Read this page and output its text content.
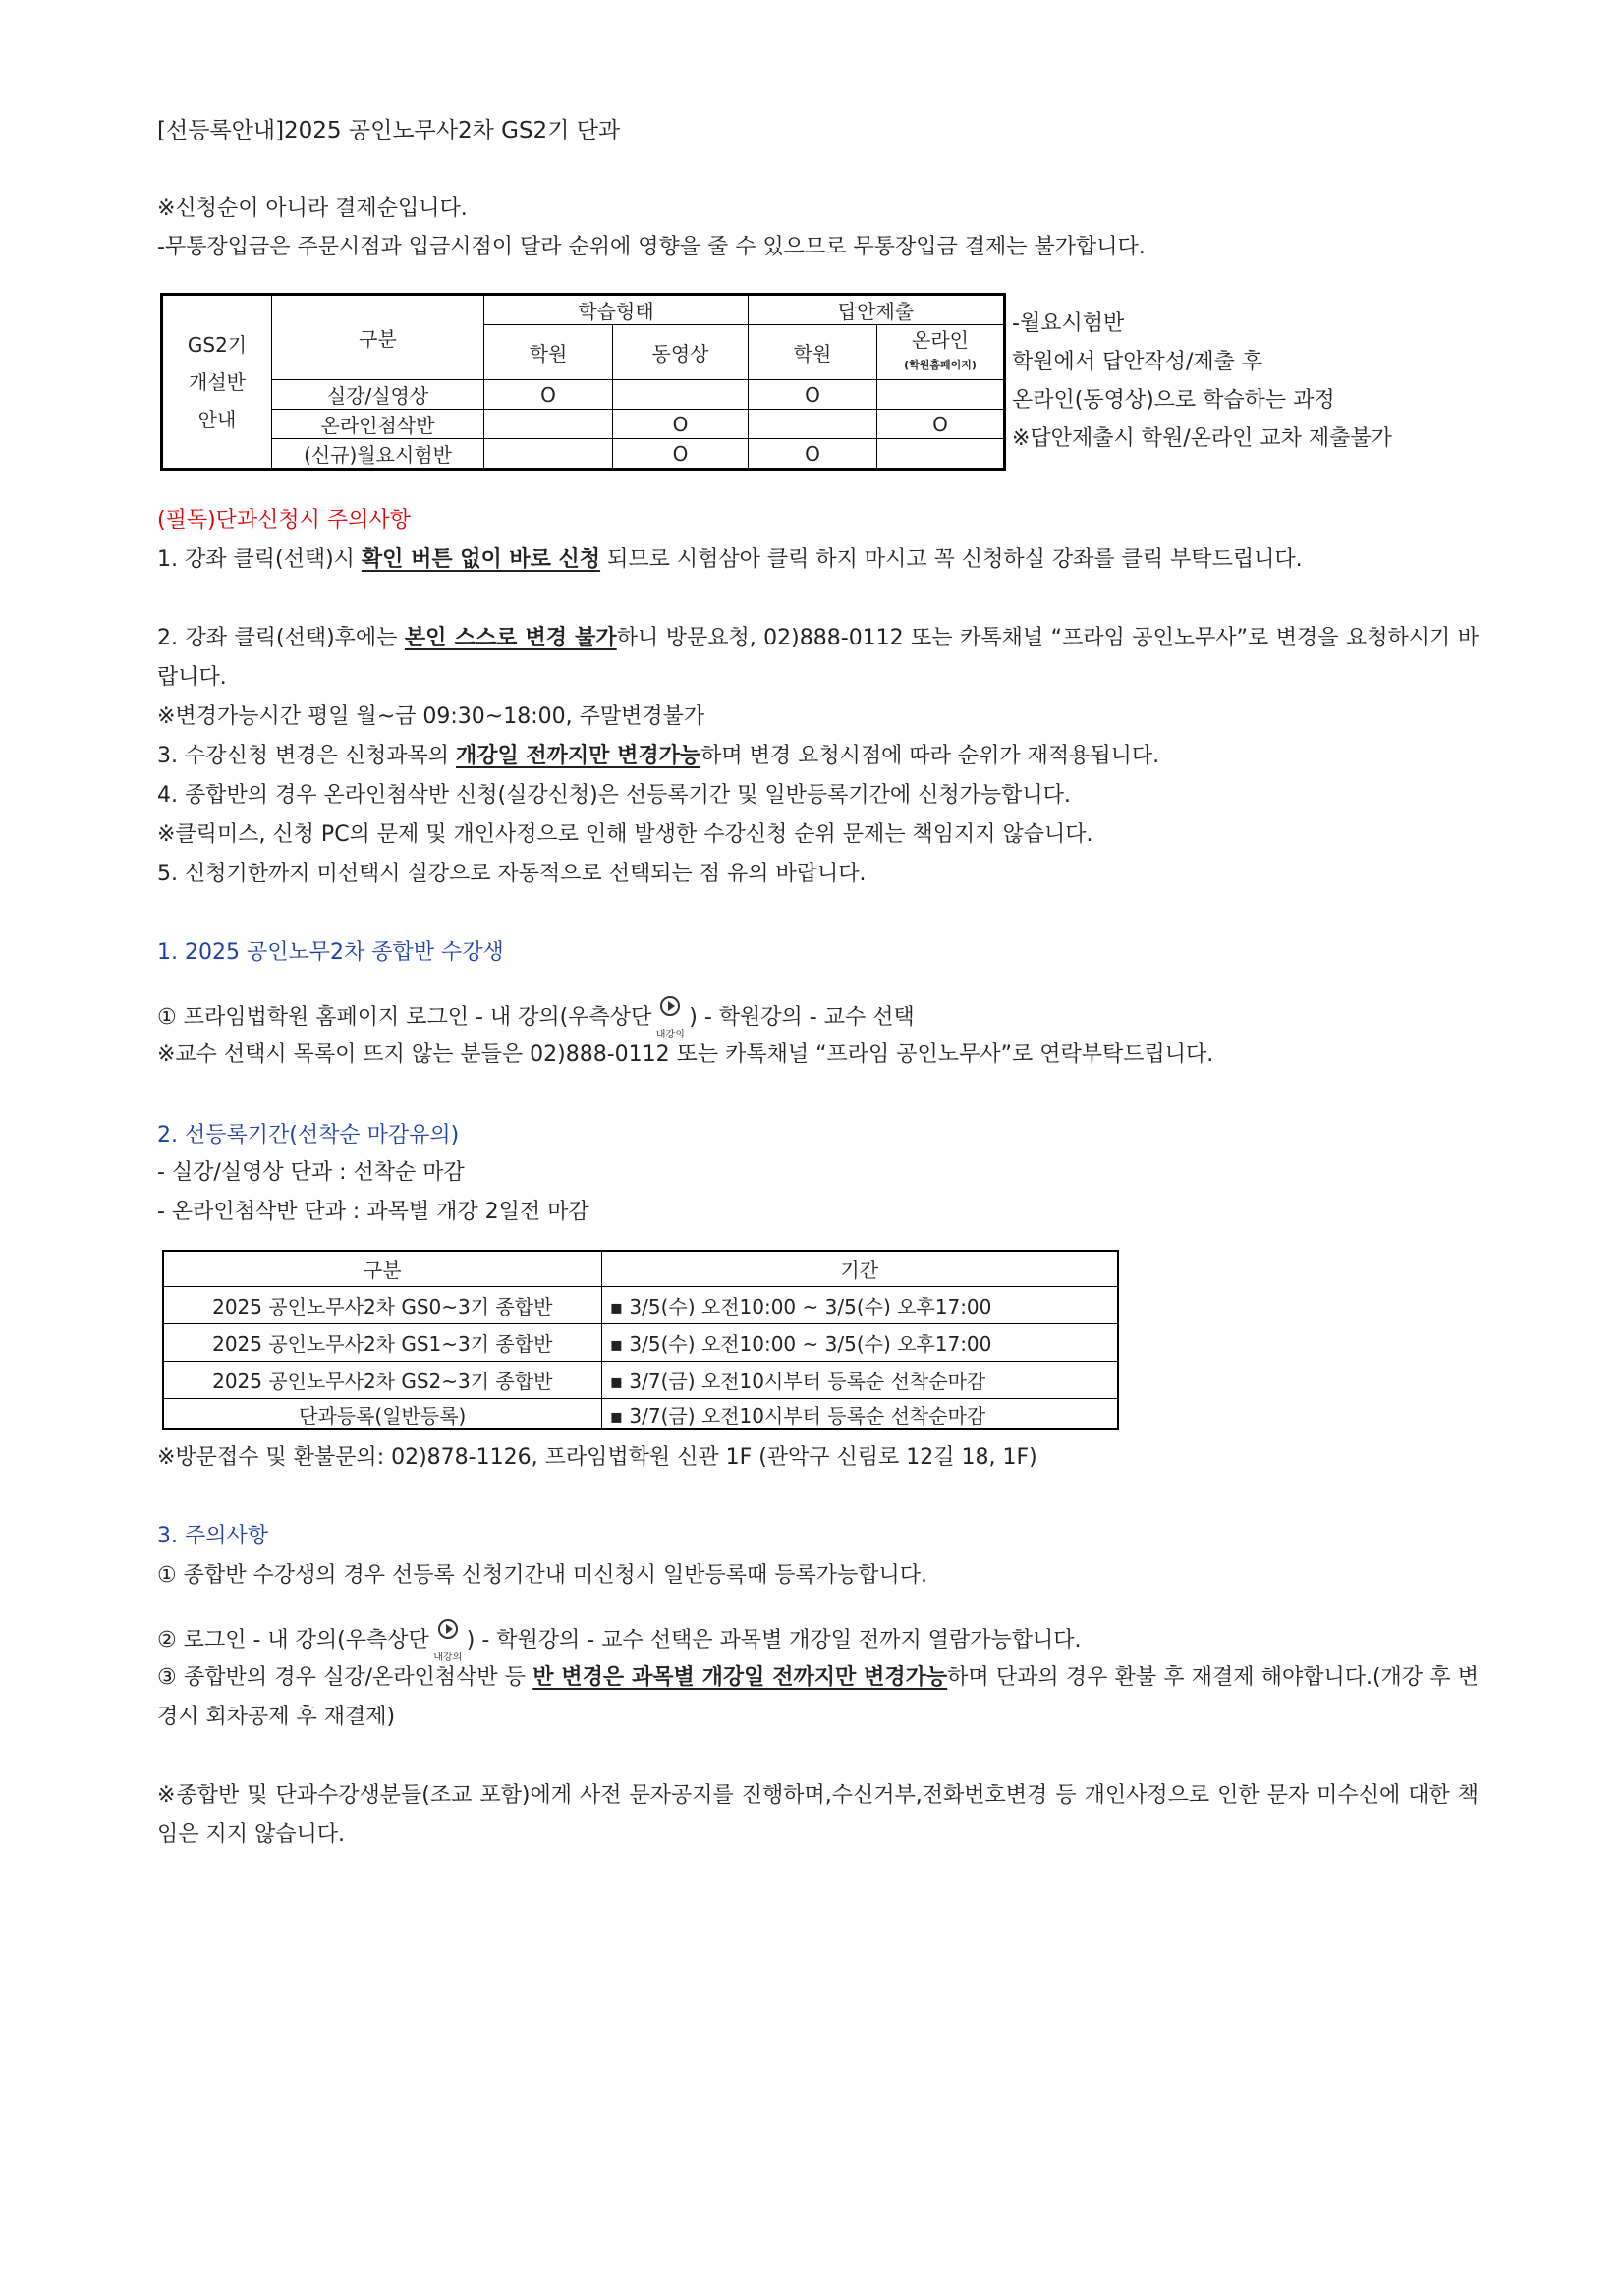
[선등록안내]2025 공인노무사2차 GS2기 단과
※신청순이 아니라 결제순입니다.
-무통장입금은 주문시점과 입금시점이 달라 순위에 영향을 줄 수 있으므로 무통장입금 결제는 불가합니다.
GS2기
개설반
안내	구분	학습형태		답안제출	
		학원	동영상	학원	온라인
(학원홈페이지)

	실강/실영상	O		O	
	온라인첨삭반		O		O
	(신규)월요시험반		O	O	
-월요시험반
학원에서 답안작성/제출 후
온라인(동영상)으로 학습하는 과정
※답안제출시 학원/온라인 교차 제출불가
(필독)단과신청시 주의사항
1. 강좌 클릭(선택)시 확인 버튼 없이 바로 신청 되므로 시험삼아 클릭 하지 마시고 꼭 신청하실 강좌를 클릭 부탁드립니다.
2. 강좌 클릭(선택)후에는 본인 스스로 변경 불가하니 방문요청, 02)888-0112 또는 카톡채널 “프라임 공인노무사”로 변경을 요청하시기 바랍니다.
※변경가능시간 평일 월~금 09:30~18:00, 주말변경불가
3. 수강신청 변경은 신청과목의 개강일 전까지만 변경가능하며 변경 요청시점에 따라 순위가 재적용됩니다.
4. 종합반의 경우 온라인첨삭반 신청(실강신청)은 선등록기간 및 일반등록기간에 신청가능합니다.
※클릭미스, 신청 PC의 문제 및 개인사정으로 인해 발생한 수강신청 순위 문제는 책임지지 않습니다.
5. 신청기한까지 미선택시 실강으로 자동적으로 선택되는 점 유의 바랍니다.
1. 2025 공인노무2차 종합반 수강생
① 프라임법학원 홈페이지 로그인 - 내 강의(우측상단
내강의
) - 학원강의 - 교수 선택
※교수 선택시 목록이 뜨지 않는 분들은 02)888-0112 또는 카톡채널 “프라임 공인노무사”로 연락부탁드립니다.
2. 선등록기간(선착순 마감유의)
- 실강/실영상 단과 : 선착순 마감
- 온라인첨삭반 단과 : 과목별 개강 2일전 마감
구분	기간
2025 공인노무사2차 GS0~3기 종합반	▪ 3/5(수) 오전10:00 ~ 3/5(수) 오후17:00
2025 공인노무사2차 GS1~3기 종합반	▪ 3/5(수) 오전10:00 ~ 3/5(수) 오후17:00
2025 공인노무사2차 GS2~3기 종합반	▪ 3/7(금) 오전10시부터 등록순 선착순마감
단과등록(일반등록)	▪ 3/7(금) 오전10시부터 등록순 선착순마감
※방문접수 및 환불문의: 02)878-1126, 프라임법학원 신관 1F (관악구 신림로 12길 18, 1F)
3. 주의사항
① 종합반 수강생의 경우 선등록 신청기간내 미신청시 일반등록때 등록가능합니다.
② 로그인 - 내 강의(우측상단
내강의
) - 학원강의 - 교수 선택은 과목별 개강일 전까지 열람가능합니다.
③ 종합반의 경우 실강/온라인첨삭반 등 반 변경은 과목별 개강일 전까지만 변경가능하며 단과의 경우 환불 후 재결제 해야합니다.(개강 후 변경시 회차공제 후 재결제)
※종합반 및 단과수강생분들(조교 포함)에게 사전 문자공지를 진행하며,수신거부,전화번호변경 등 개인사정으로 인한 문자 미수신에 대한 책임은 지지 않습니다.
